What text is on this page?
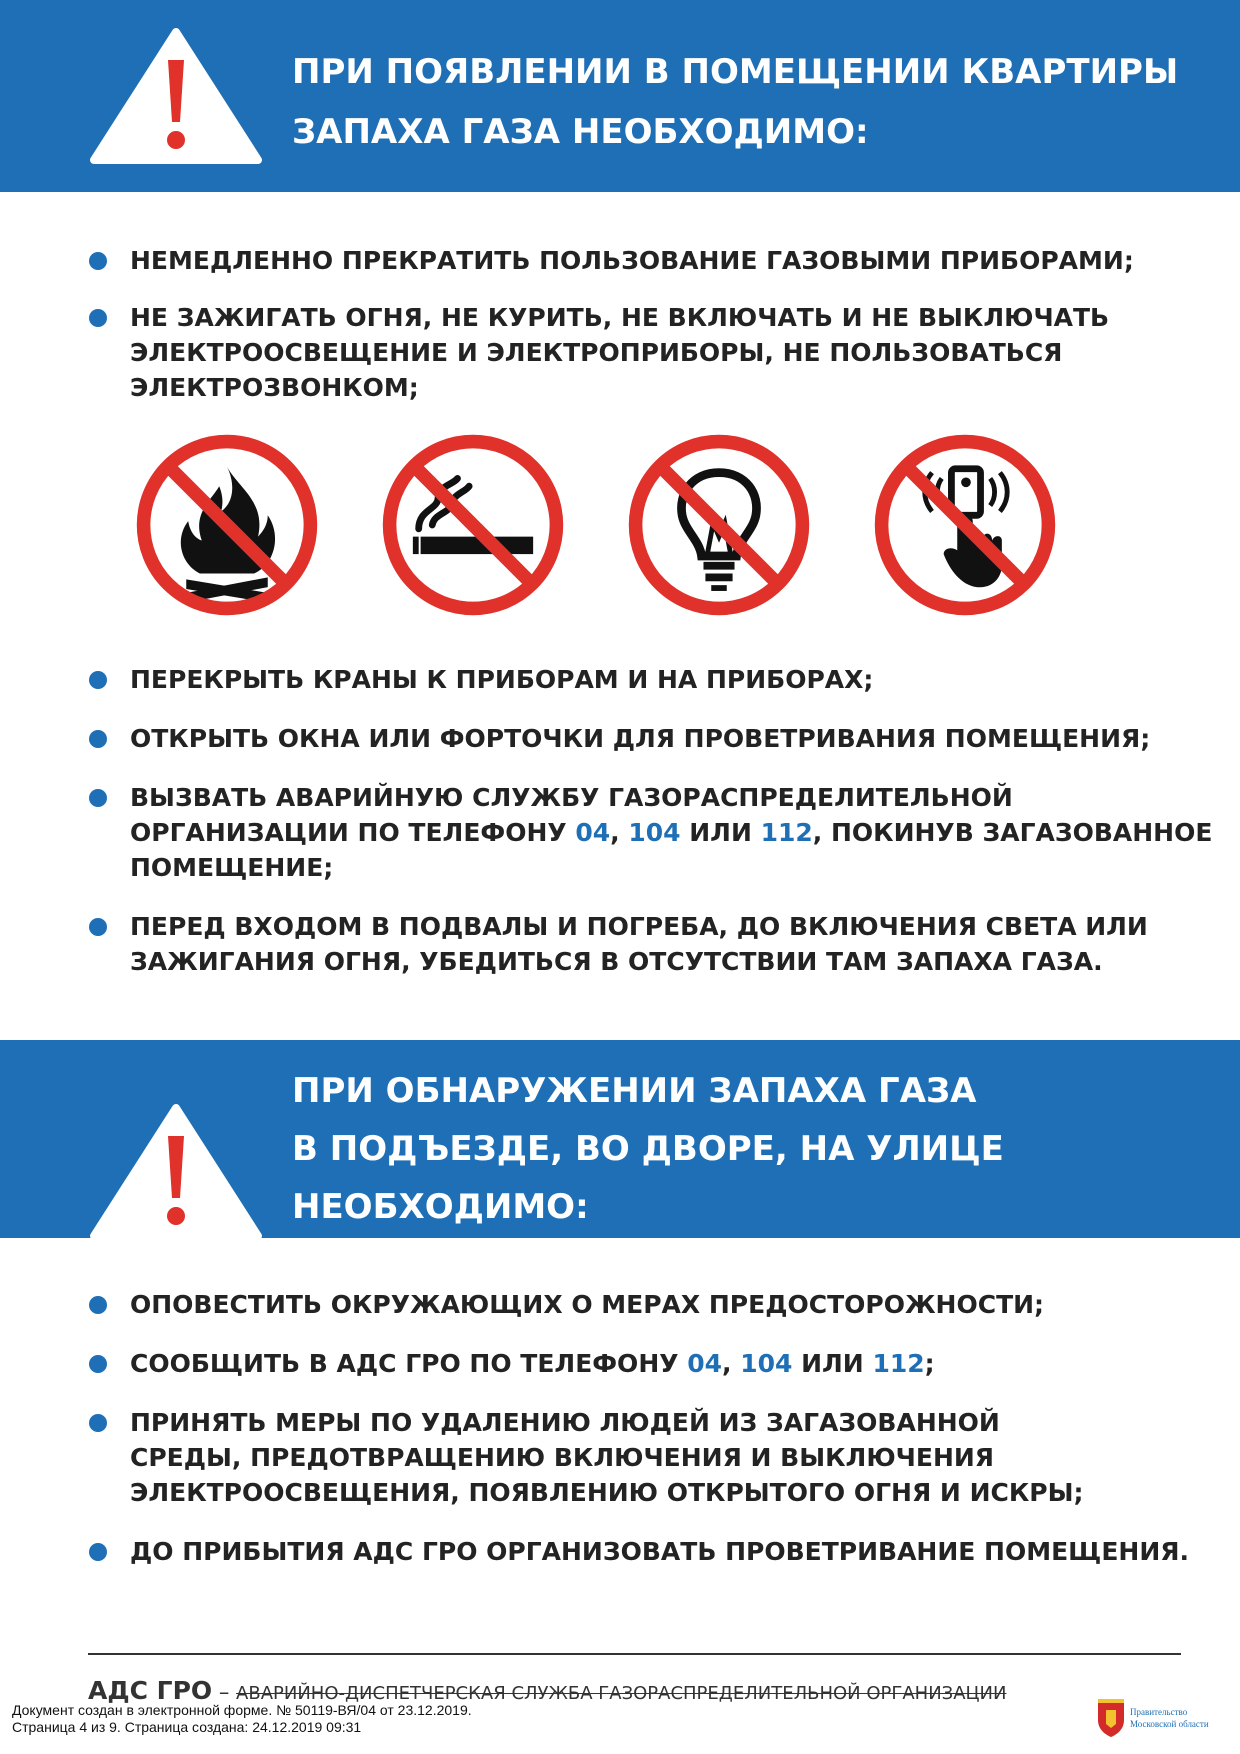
ПРИ ПОЯВЛЕНИИ В ПОМЕЩЕНИИ КВАРТИРЫ
ЗАПАХА ГАЗА НЕОБХОДИМО:
НЕМЕДЛЕННО ПРЕКРАТИТЬ ПОЛЬЗОВАНИЕ ГАЗОВЫМИ ПРИБОРАМИ;
НЕ ЗАЖИГАТЬ ОГНЯ, НЕ КУРИТЬ, НЕ ВКЛЮЧАТЬ И НЕ ВЫКЛЮЧАТЬ
ЭЛЕКТРООСВЕЩЕНИЕ И ЭЛЕКТРОПРИБОРЫ, НЕ ПОЛЬЗОВАТЬСЯ
ЭЛЕКТРОЗВОНКОМ;
ПЕРЕКРЫТЬ КРАНЫ К ПРИБОРАМ И НА ПРИБОРАХ;
ОТКРЫТЬ ОКНА ИЛИ ФОРТОЧКИ ДЛЯ ПРОВЕТРИВАНИЯ ПОМЕЩЕНИЯ;
ВЫЗВАТЬ АВАРИЙНУЮ СЛУЖБУ ГАЗОРАСПРЕДЕЛИТЕЛЬНОЙ
ОРГАНИЗАЦИИ ПО ТЕЛЕФОНУ 04, 104 ИЛИ 112, ПОКИНУВ ЗАГАЗОВАННОЕ
ПОМЕЩЕНИЕ;
ПЕРЕД ВХОДОМ В ПОДВАЛЫ И ПОГРЕБА, ДО ВКЛЮЧЕНИЯ СВЕТА ИЛИ
ЗАЖИГАНИЯ ОГНЯ, УБЕДИТЬСЯ В ОТСУТСТВИИ ТАМ ЗАПАХА ГАЗА.
ПРИ ОБНАРУЖЕНИИ ЗАПАХА ГАЗА
В ПОДЪЕЗДЕ, ВО ДВОРЕ, НА УЛИЦЕ
НЕОБХОДИМО:
ОПОВЕСТИТЬ ОКРУЖАЮЩИХ О МЕРАХ ПРЕДОСТОРОЖНОСТИ;
СООБЩИТЬ В АДС ГРО ПО ТЕЛЕФОНУ 04, 104 ИЛИ 112;
ПРИНЯТЬ МЕРЫ ПО УДАЛЕНИЮ ЛЮДЕЙ ИЗ ЗАГАЗОВАННОЙ
СРЕДЫ, ПРЕДОТВРАЩЕНИЮ ВКЛЮЧЕНИЯ И ВЫКЛЮЧЕНИЯ
ЭЛЕКТРООСВЕЩЕНИЯ, ПОЯВЛЕНИЮ ОТКРЫТОГО ОГНЯ И ИСКРЫ;
ДО ПРИБЫТИЯ АДС ГРО ОРГАНИЗОВАТЬ ПРОВЕТРИВАНИЕ ПОМЕЩЕНИЯ.
АДС ГРО – АВАРИЙНО-ДИСПЕТЧЕРСКАЯ СЛУЖБА ГАЗОРАСПРЕДЕЛИТЕЛЬНОЙ ОРГАНИЗАЦИИ
Документ создан в электронной форме. № 50119-ВЯ/04 от 23.12.2019.
Страница 4 из 9. Страница создана: 24.12.2019 09:31
Правительство
Московской области
